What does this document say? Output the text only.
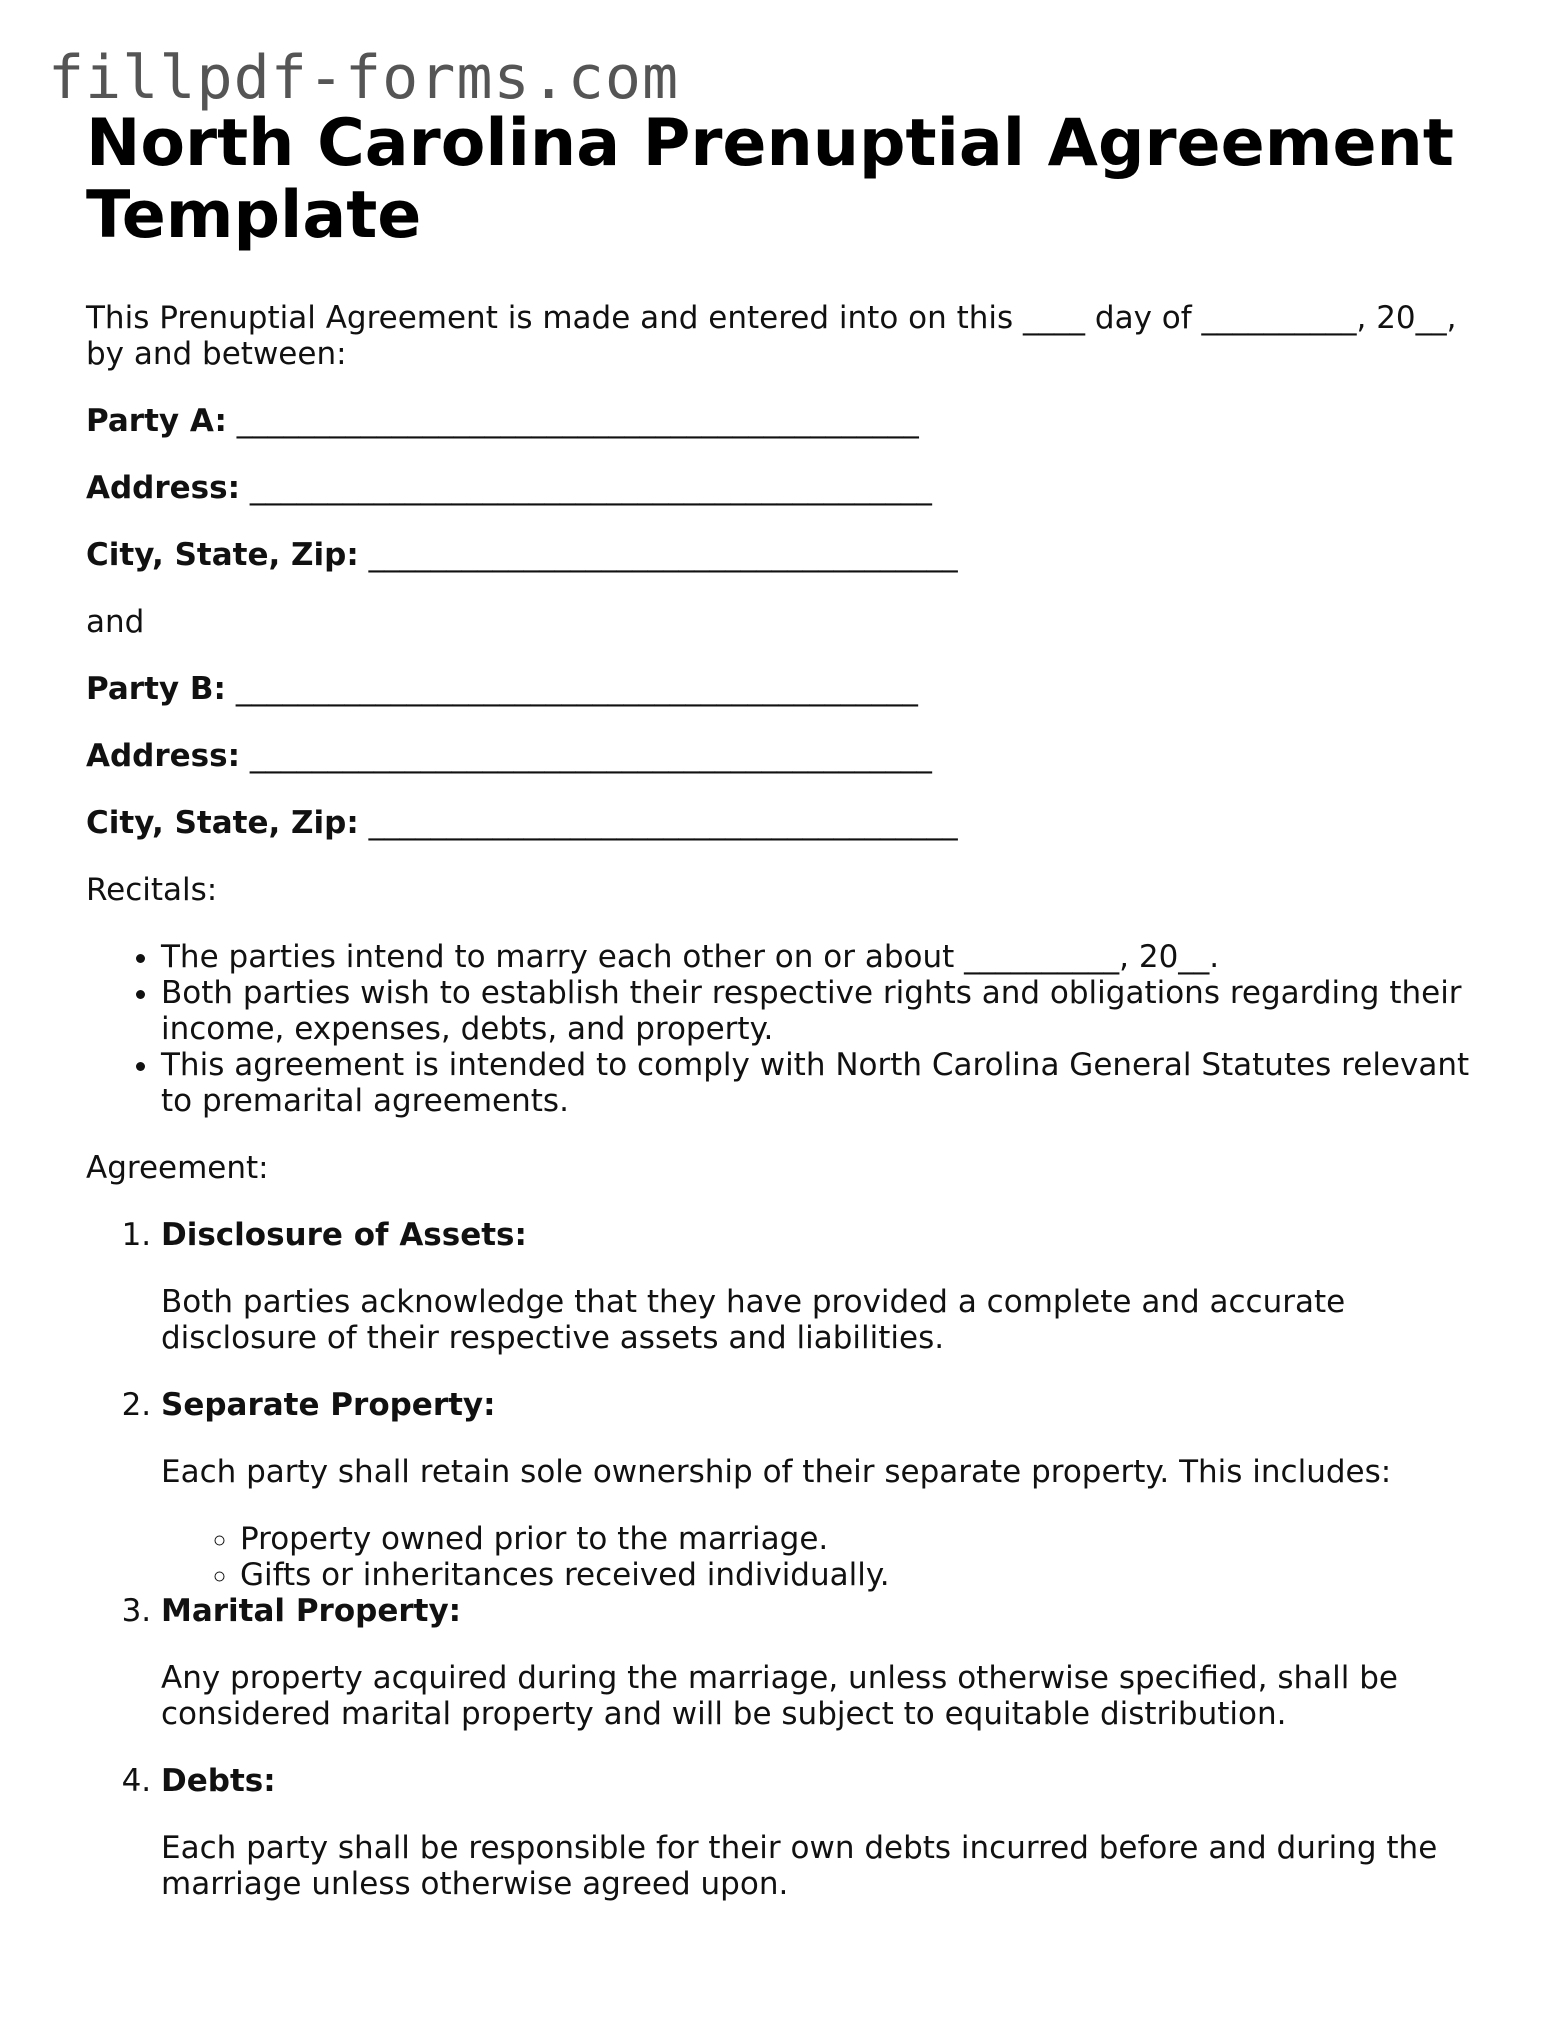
fillpdf-forms.com
North Carolina Prenuptial Agreement Template

This Prenuptial Agreement is made and entered into on this ____ day of __________, 20__, by and between:

Party A: ____________________________________________

Address: ____________________________________________

City, State, Zip: ______________________________________

and

Party B: ____________________________________________

Address: ____________________________________________

City, State, Zip: ______________________________________

Recitals:

• The parties intend to marry each other on or about __________, 20__.
• Both parties wish to establish their respective rights and obligations regarding their income, expenses, debts, and property.
• This agreement is intended to comply with North Carolina General Statutes relevant to premarital agreements.

Agreement:

1. Disclosure of Assets:
Both parties acknowledge that they have provided a complete and accurate disclosure of their respective assets and liabilities.
2. Separate Property:
Each party shall retain sole ownership of their separate property. This includes:
◦ Property owned prior to the marriage.
◦ Gifts or inheritances received individually.
3. Marital Property:
Any property acquired during the marriage, unless otherwise specified, shall be considered marital property and will be subject to equitable distribution.
4. Debts:
Each party shall be responsible for their own debts incurred before and during the marriage unless otherwise agreed upon.
